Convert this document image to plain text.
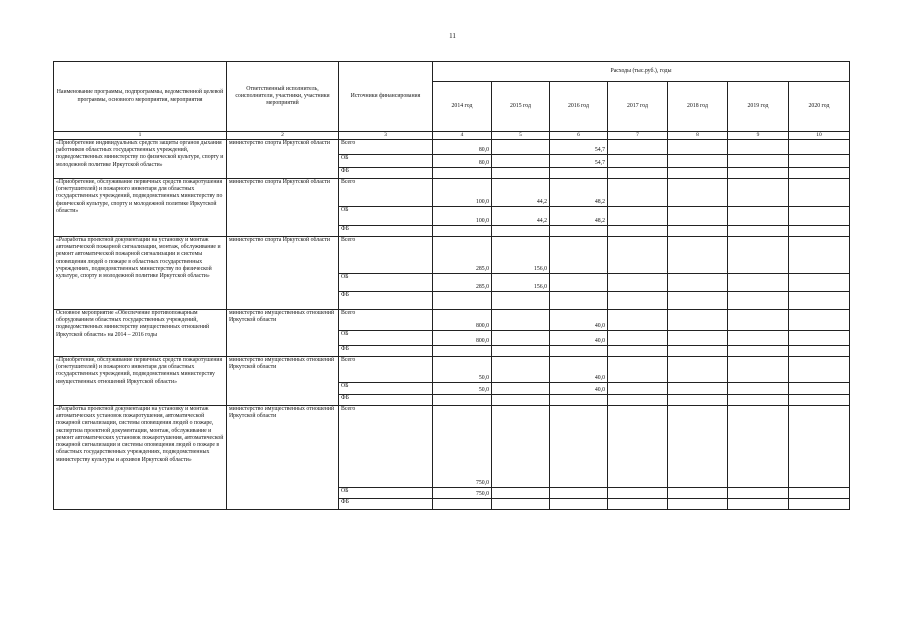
11
Наименование программы, подпрограммы, ведомственной целевой программы, основного мероприятия, мероприятия	Ответственный исполнитель, соисполнители, участники, участники мероприятий	Источники финансирования	Расходы (тыс.руб.), годы						
			2014 год	2015 год	2016 год	2017 год	2018 год	2019 год	2020 год
1	2	3	4	5	6	7	8	9	10
«Приобретение индивидуальных средств защиты органов дыхания работников областных государственных учреждений, подведомственных министерству по физической культуре, спорту и молодежной политике Иркутской области»	министерство спорта Иркутской области	Всего	80,0		54,7				
		ОБ	80,0		54,7				
		ФБ							
«Приобретение, обслуживание первичных средств пожаротушения (огнетушителей) и пожарного инвентаря для областных государственных учреждений, подведомственных министерству по физической культуре, спорту и молодежной политике Иркутской области»	министерство спорта Иркутской области	Всего	100,0	44,2	48,2				
		ОБ	100,0	44,2	48,2				
		ФБ							
«Разработка проектной документации на установку и монтаж автоматической пожарной сигнализации, монтаж, обслуживание и ремонт автоматической пожарной сигнализации и системы оповещения людей о пожаре в областных государственных учреждениях, подведомственных министерству по физической культуре, спорту и молодежной политике Иркутской области»	министерство спорта Иркутской области	Всего	285,0	156,0					
		ОБ	285,0	156,0					
		ФБ							
Основное мероприятие «Обеспечение противопожарным оборудованием областных государственных учреждений, подведомственных министерству имущественных отношений Иркутской области» на 2014 – 2016 годы	министерство имущественных отношений Иркутской области	Всего	800,0		40,0				
		ОБ	800,0		40,0				
		ФБ							
«Приобретение, обслуживание первичных средств пожаротушения (огнетушителей) и пожарного инвентаря для областных государственных учреждений, подведомственных министерству имущественных отношений Иркутской области»	министерство имущественных отношений Иркутской области	Всего	50,0		40,0				
		ОБ	50,0		40,0				
		ФБ							
«Разработка проектной документации на установку и монтаж автоматических установок пожаротушения, автоматической пожарной сигнализации, системы оповещения людей о пожаре, экспертиза проектной документации, монтаж, обслуживание и ремонт автоматических установок пожаротушения, автоматической пожарной сигнализации и системы оповещения людей о пожаре в областных государственных учреждениях, подведомственных министерству культуры и архивов Иркутской области»	министерство имущественных отношений Иркутской области	Всего	750,0						
		ОБ	750,0						
		ФБ							
